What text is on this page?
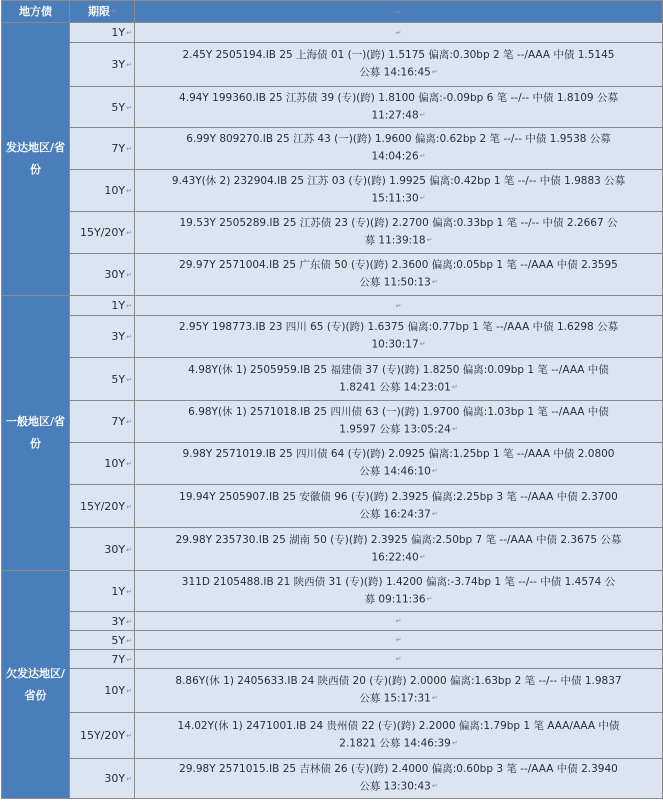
地方债	期限↵	↵
发达地区/省份	1Y↵	↵
	3Y↵	2.45Y 2505194.IB 25 上海债 01 (一)(跨) 1.5175 偏离:0.30bp 2 笔 --/AAA 中债 1.5145
公募 14:16:45↵

	5Y↵	4.94Y 199360.IB 25 江苏债 39 (专)(跨) 1.8100 偏离:-0.09bp 6 笔 --/-- 中债 1.8109 公募
11:27:48↵

	7Y↵	6.99Y 809270.IB 25 江苏 43 (一)(跨) 1.9600 偏离:0.62bp 2 笔 --/-- 中债 1.9538 公募
14:04:26↵

	10Y↵	9.43Y(休 2) 232904.IB 25 江苏 03 (专)(跨) 1.9925 偏离:0.42bp 1 笔 --/-- 中债 1.9883 公募
15:11:30↵

	15Y/20Y↵	19.53Y 2505289.IB 25 江苏债 23 (专)(跨) 2.2700 偏离:0.33bp 1 笔 --/-- 中债 2.2667 公
募 11:39:18↵

	30Y↵	29.97Y 2571004.IB 25 广东债 50 (专)(跨) 2.3600 偏离:0.05bp 1 笔 --/AAA 中债 2.3595
公募 11:50:13↵

一般地区/省份	1Y↵	↵
	3Y↵	2.95Y 198773.IB 23 四川 65 (专)(跨) 1.6375 偏离:0.77bp 1 笔 --/AAA 中债 1.6298 公募
10:30:17↵

	5Y↵	4.98Y(休 1) 2505959.IB 25 福建债 37 (专)(跨) 1.8250 偏离:0.09bp 1 笔 --/AAA 中债
1.8241 公募 14:23:01↵

	7Y↵	6.98Y(休 1) 2571018.IB 25 四川债 63 (一)(跨) 1.9700 偏离:1.03bp 1 笔 --/AAA 中债
1.9597 公募 13:05:24↵

	10Y↵	9.98Y 2571019.IB 25 四川债 64 (专)(跨) 2.0925 偏离:1.25bp 1 笔 --/AAA 中债 2.0800
公募 14:46:10↵

	15Y/20Y↵	19.94Y 2505907.IB 25 安徽债 96 (专)(跨) 2.3925 偏离:2.25bp 3 笔 --/AAA 中债 2.3700
公募 16:24:37↵

	30Y↵	29.98Y 235730.IB 25 湖南 50 (专)(跨) 2.3925 偏离:2.50bp 7 笔 --/AAA 中债 2.3675 公募
16:22:40↵

欠发达地区/省份	1Y↵	311D 2105488.IB 21 陕西债 31 (专)(跨) 1.4200 偏离:-3.74bp 1 笔 --/-- 中债 1.4574 公
募 09:11:36↵

	3Y↵	↵
	5Y↵	↵
	7Y↵	↵
	10Y↵	8.86Y(休 1) 2405633.IB 24 陕西债 20 (专)(跨) 2.0000 偏离:1.63bp 2 笔 --/-- 中债 1.9837
公募 15:17:31↵

	15Y/20Y↵	14.02Y(休 1) 2471001.IB 24 贵州债 22 (专)(跨) 2.2000 偏离:1.79bp 1 笔 AAA/AAA 中债
2.1821 公募 14:46:39↵

	30Y↵	29.98Y 2571015.IB 25 吉林债 26 (专)(跨) 2.4000 偏离:0.60bp 3 笔 --/AAA 中债 2.3940
公募 13:30:43↵
